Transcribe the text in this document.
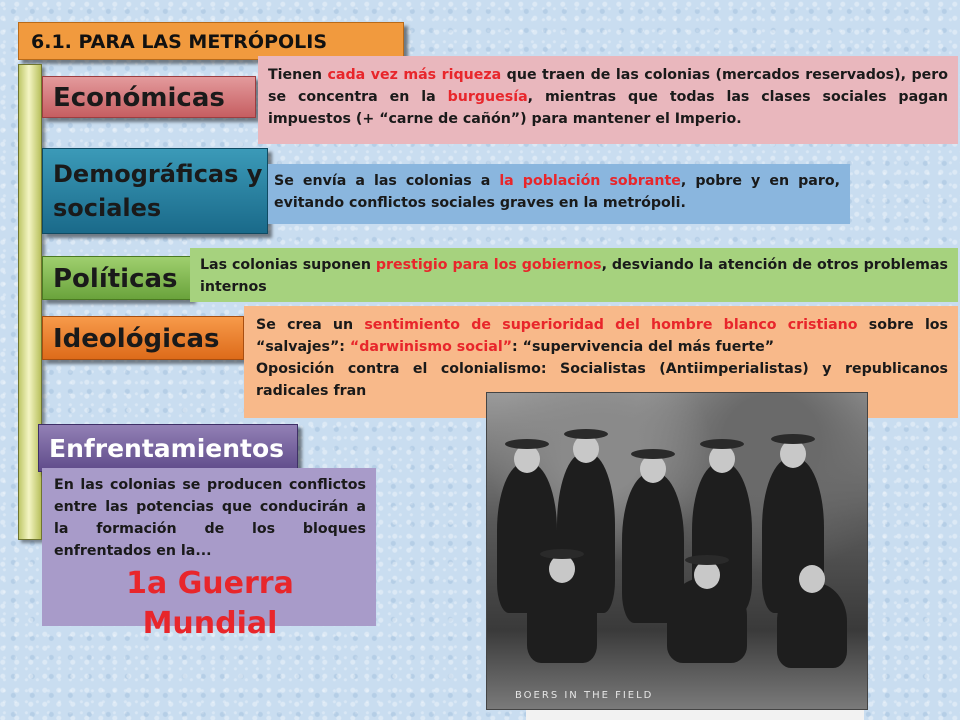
6.1. PARA LAS METRÓPOLIS
Económicas
Tienen cada vez más riqueza que traen de las colonias (mercados reservados), pero se concentra en la burguesía, mientras que todas las clases sociales pagan impuestos (+ “carne de cañón”) para mantener el Imperio.
Demográficas y
sociales
Se envía a las colonias a la población sobrante, pobre y en paro, evitando conflictos sociales graves en la metrópoli.
Políticas	Las colonias suponen prestigio para los gobiernos, desviando la atención de otros problemas internos
Ideológicas	Se crea un sentimiento de superioridad del hombre blanco cristiano sobre los “salvajes”: “darwinismo social”: “supervivencia del más fuerte”
Oposición contra el colonialismo: Socialistas (Antiimperialistas) y republicanos radicales fran
Enfrentamientos
En las colonias se producen conflictos entre las potencias que conducirán a la formación de los bloques enfrentados en la...
1a Guerra Mundial
BOERS IN THE FIELD
